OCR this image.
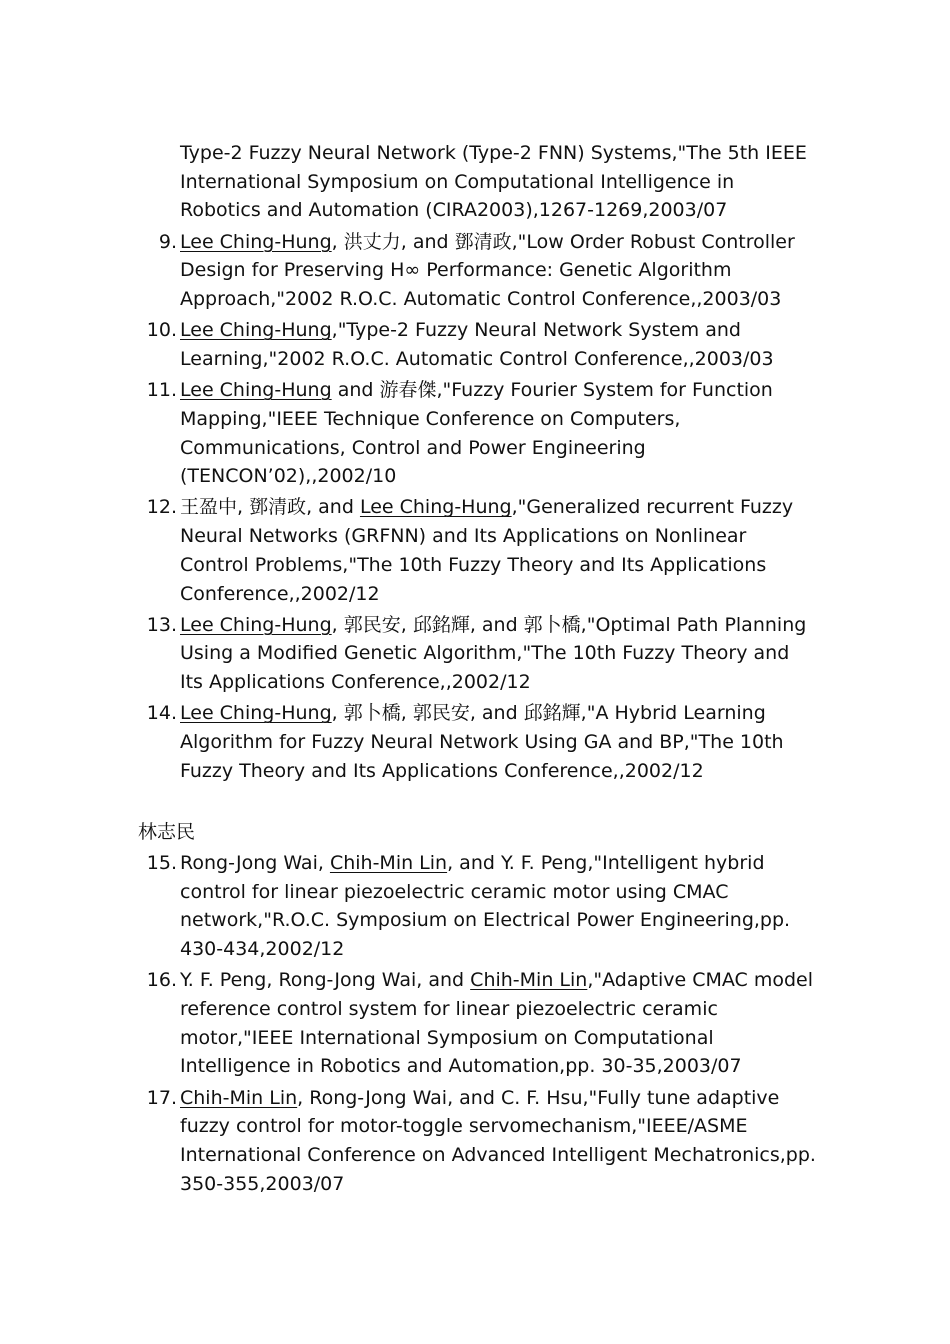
Type-2 Fuzzy Neural Network (Type-2 FNN) Systems,"The 5th IEEE International Symposium on Computational Intelligence in Robotics and Automation (CIRA2003),1267-1269,2003/07
9. Lee Ching-Hung, 洪丈力, and 鄧清政,"Low Order Robust Controller Design for Preserving H∞ Performance: Genetic Algorithm Approach,"2002 R.O.C. Automatic Control Conference,,2003/03
10. Lee Ching-Hung,"Type-2 Fuzzy Neural Network System and Learning,"2002 R.O.C. Automatic Control Conference,,2003/03
11. Lee Ching-Hung and 游春傑,"Fuzzy Fourier System for Function Mapping,"IEEE Technique Conference on Computers, Communications, Control and Power Engineering (TENCON’02),,2002/10
12. 王盈中, 鄧清政, and Lee Ching-Hung,"Generalized recurrent Fuzzy Neural Networks (GRFNN) and Its Applications on Nonlinear Control Problems,"The 10th Fuzzy Theory and Its Applications Conference,,2002/12
13. Lee Ching-Hung, 郭民安, 邱銘輝, and 郭卜橋,"Optimal Path Planning Using a Modified Genetic Algorithm,"The 10th Fuzzy Theory and Its Applications Conference,,2002/12
14. Lee Ching-Hung, 郭卜橋, 郭民安, and 邱銘輝,"A Hybrid Learning Algorithm for Fuzzy Neural Network Using GA and BP,"The 10th Fuzzy Theory and Its Applications Conference,,2002/12
林志民
15. Rong-Jong Wai, Chih-Min Lin, and Y. F. Peng,"Intelligent hybrid control for linear piezoelectric ceramic motor using CMAC network,"R.O.C. Symposium on Electrical Power Engineering,pp. 430-434,2002/12
16. Y. F. Peng, Rong-Jong Wai, and Chih-Min Lin,"Adaptive CMAC model reference control system for linear piezoelectric ceramic motor,"IEEE International Symposium on Computational Intelligence in Robotics and Automation,pp. 30-35,2003/07
17. Chih-Min Lin, Rong-Jong Wai, and C. F. Hsu,"Fully tune adaptive fuzzy control for motor-toggle servomechanism,"IEEE/ASME International Conference on Advanced Intelligent Mechatronics,pp. 350-355,2003/07
